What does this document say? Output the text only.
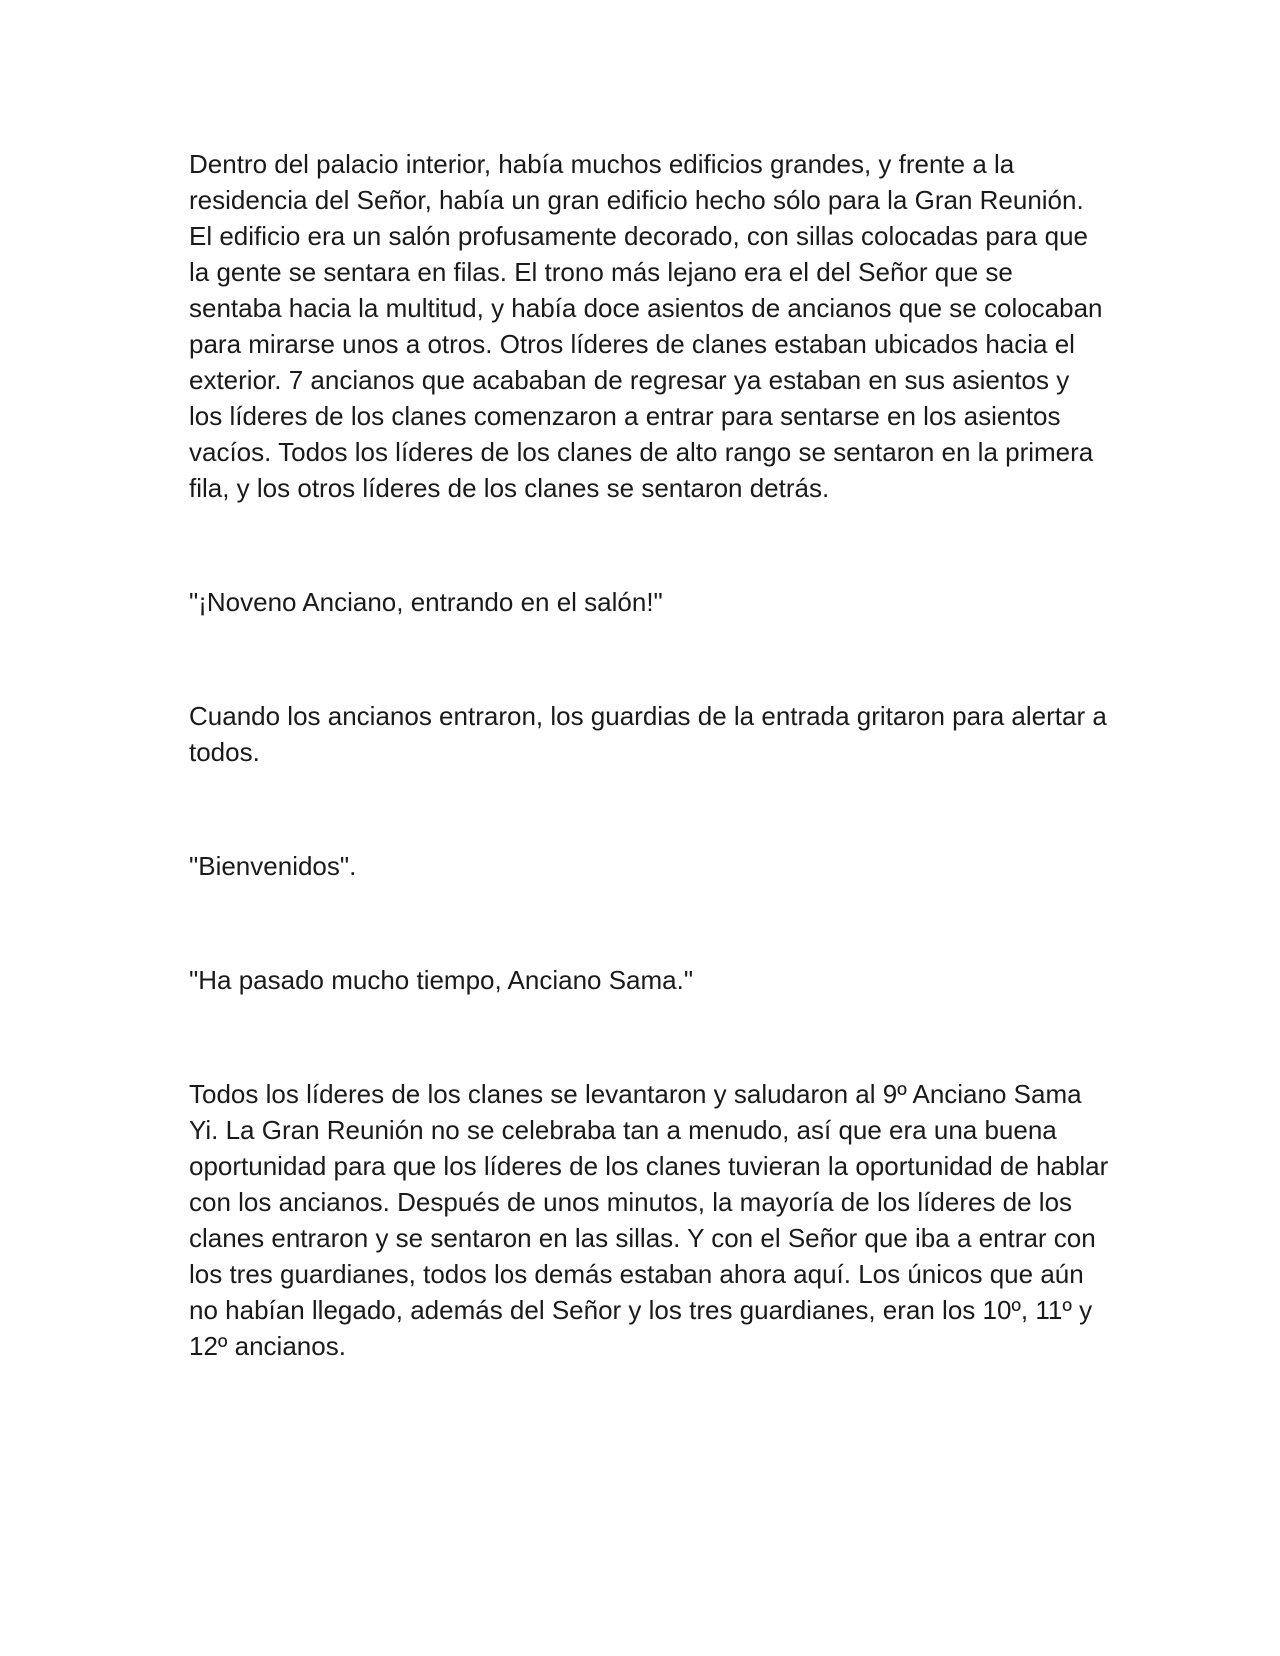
Dentro del palacio interior, había muchos edificios grandes, y frente a la residencia del Señor, había un gran edificio hecho sólo para la Gran Reunión. El edificio era un salón profusamente decorado, con sillas colocadas para que la gente se sentara en filas. El trono más lejano era el del Señor que se sentaba hacia la multitud, y había doce asientos de ancianos que se colocaban para mirarse unos a otros. Otros líderes de clanes estaban ubicados hacia el exterior. 7 ancianos que acababan de regresar ya estaban en sus asientos y los líderes de los clanes comenzaron a entrar para sentarse en los asientos vacíos. Todos los líderes de los clanes de alto rango se sentaron en la primera fila, y los otros líderes de los clanes se sentaron detrás.

"¡Noveno Anciano, entrando en el salón!"

Cuando los ancianos entraron, los guardias de la entrada gritaron para alertar a todos.

"Bienvenidos".

"Ha pasado mucho tiempo, Anciano Sama."

Todos los líderes de los clanes se levantaron y saludaron al 9º Anciano Sama Yi. La Gran Reunión no se celebraba tan a menudo, así que era una buena oportunidad para que los líderes de los clanes tuvieran la oportunidad de hablar con los ancianos. Después de unos minutos, la mayoría de los líderes de los clanes entraron y se sentaron en las sillas. Y con el Señor que iba a entrar con los tres guardianes, todos los demás estaban ahora aquí. Los únicos que aún no habían llegado, además del Señor y los tres guardianes, eran los 10º, 11º y 12º ancianos.
